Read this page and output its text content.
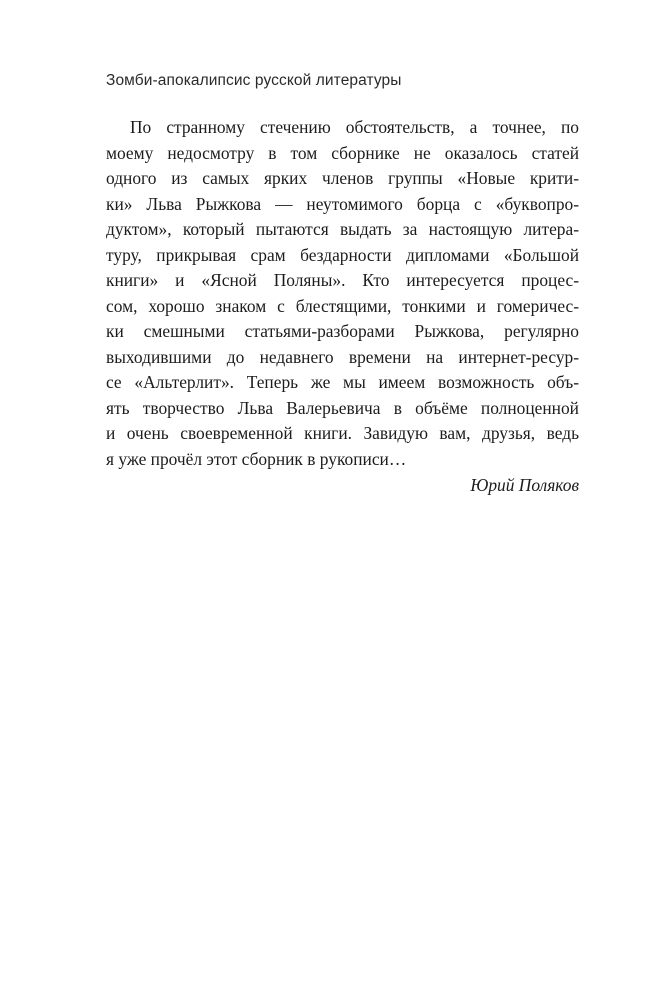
Зомби-апокалипсис русской литературы
По странному стечению обстоятельств, а точнее, по
моему недосмотру в том сборнике не оказалось статей
одного из самых ярких членов группы «Новые крити-
ки» Льва Рыжкова — неутомимого борца с «буквопро-
дуктом», который пытаются выдать за настоящую литера-
туру, прикрывая срам бездарности дипломами «Большой
книги» и «Ясной Поляны». Кто интересуется процес-
сом, хорошо знаком с блестящими, тонкими и гомеричес-
ки смешными статьями-разборами Рыжкова, регулярно
выходившими до недавнего времени на интернет-ресур-
се «Альтерлит». Теперь же мы имеем возможность объ-
ять творчество Льва Валерьевича в объёме полноценной
и очень своевременной книги. Завидую вам, друзья, ведь
я уже прочёл этот сборник в рукописи…
Юрий Поляков
